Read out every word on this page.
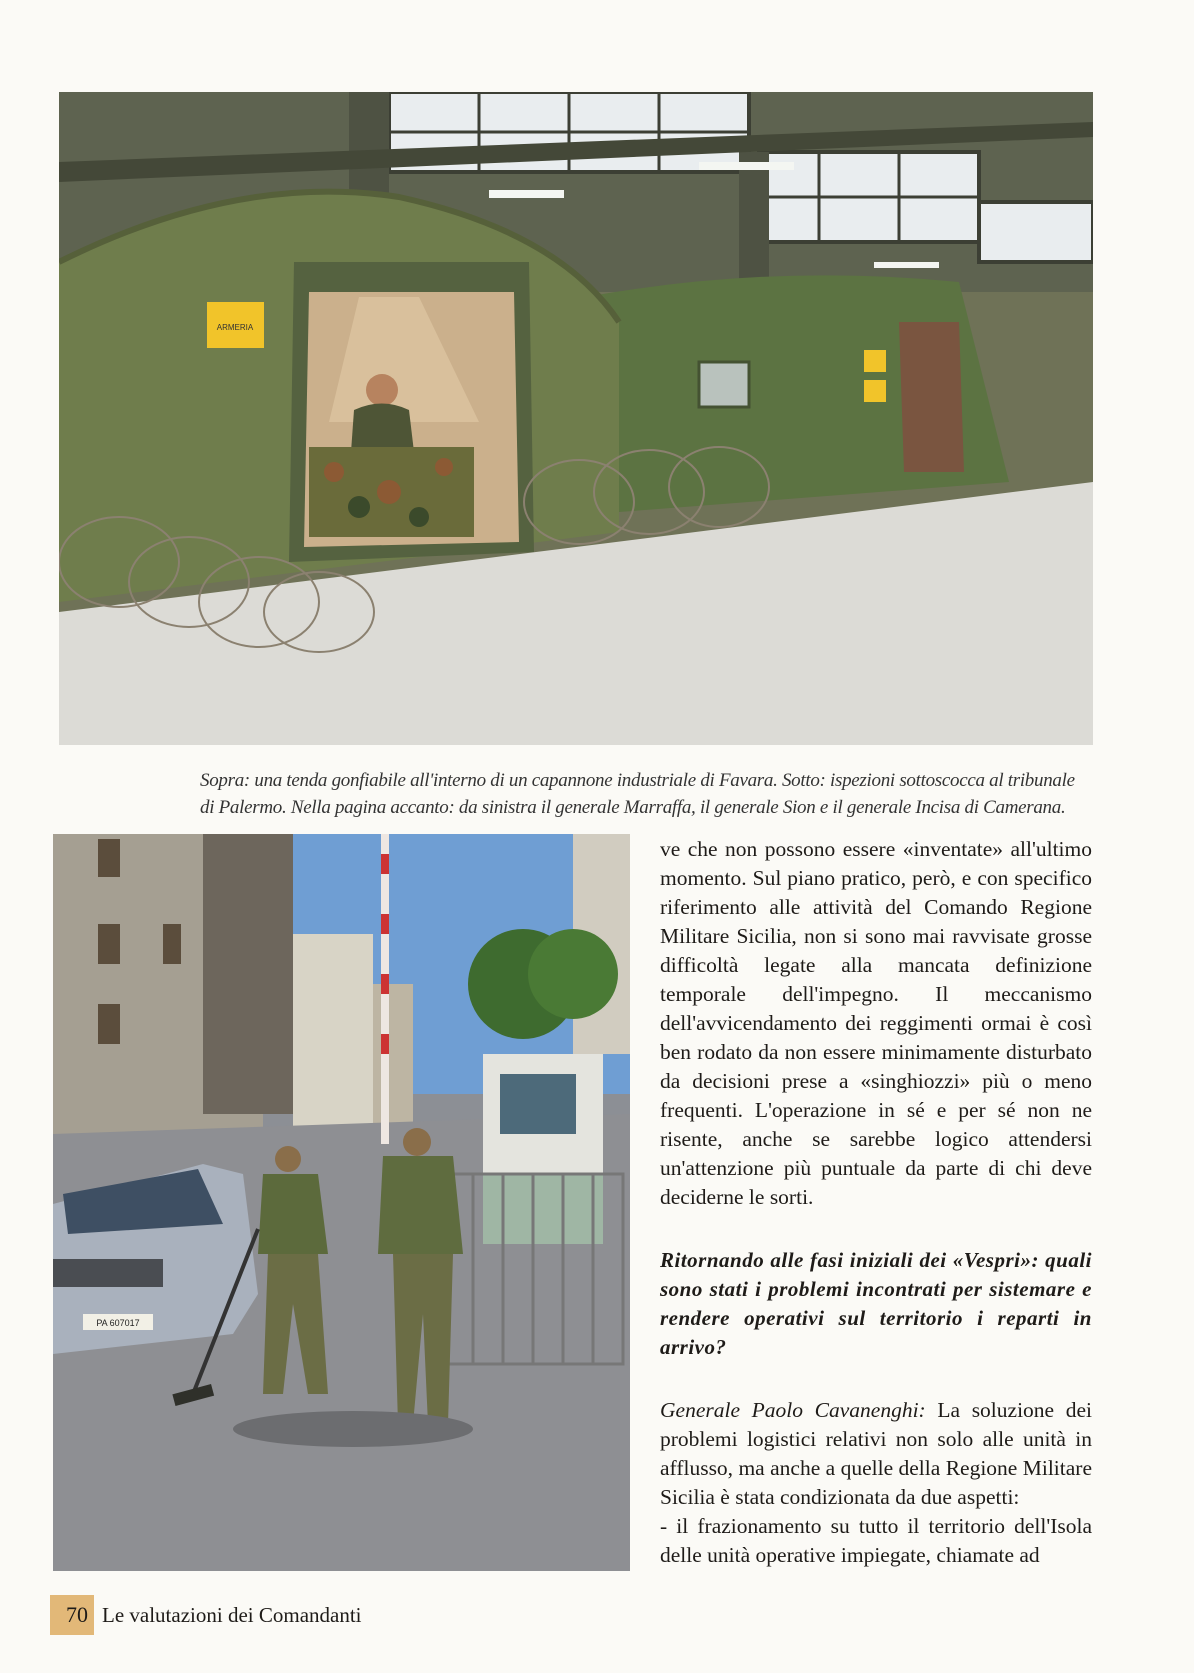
ARMERIA
Sopra: una tenda gonfiabile all'interno di un capannone industriale di Favara. Sotto: ispezioni sottoscocca al tribunale
di Palermo. Nella pagina accanto: da sinistra il generale Marraffa, il generale Sion e il generale Incisa di Camerana.
PA 607017

ve che non possono essere «inventate» all'ultimo momento. Sul piano pratico, però, e con specifico riferimento alle attività del Comando Regione Militare Sicilia, non si sono mai ravvisate grosse difficoltà legate alla mancata definizione temporale dell'impegno. Il meccanismo dell'avvicendamento dei reggimenti ormai è così ben rodato da non essere minimamente disturbato da decisioni prese a «singhiozzi» più o meno frequenti. L'operazione in sé e per sé non ne risente, anche se sarebbe logico attendersi un'attenzione più puntuale da parte di chi deve deciderne le sorti.

Ritornando alle fasi iniziali dei «Vespri»: quali sono stati i problemi incontrati per sistemare e rendere operativi sul territorio i reparti in arrivo?

Generale Paolo Cavanenghi: La soluzione dei problemi logistici relativi non solo alle unità in afflusso, ma anche a quelle della Regione Militare Sicilia è stata condizionata da due aspetti:

- il frazionamento su tutto il territorio dell'Isola delle unità operative impiegate, chiamate ad

70 Le valutazioni dei Comandanti
